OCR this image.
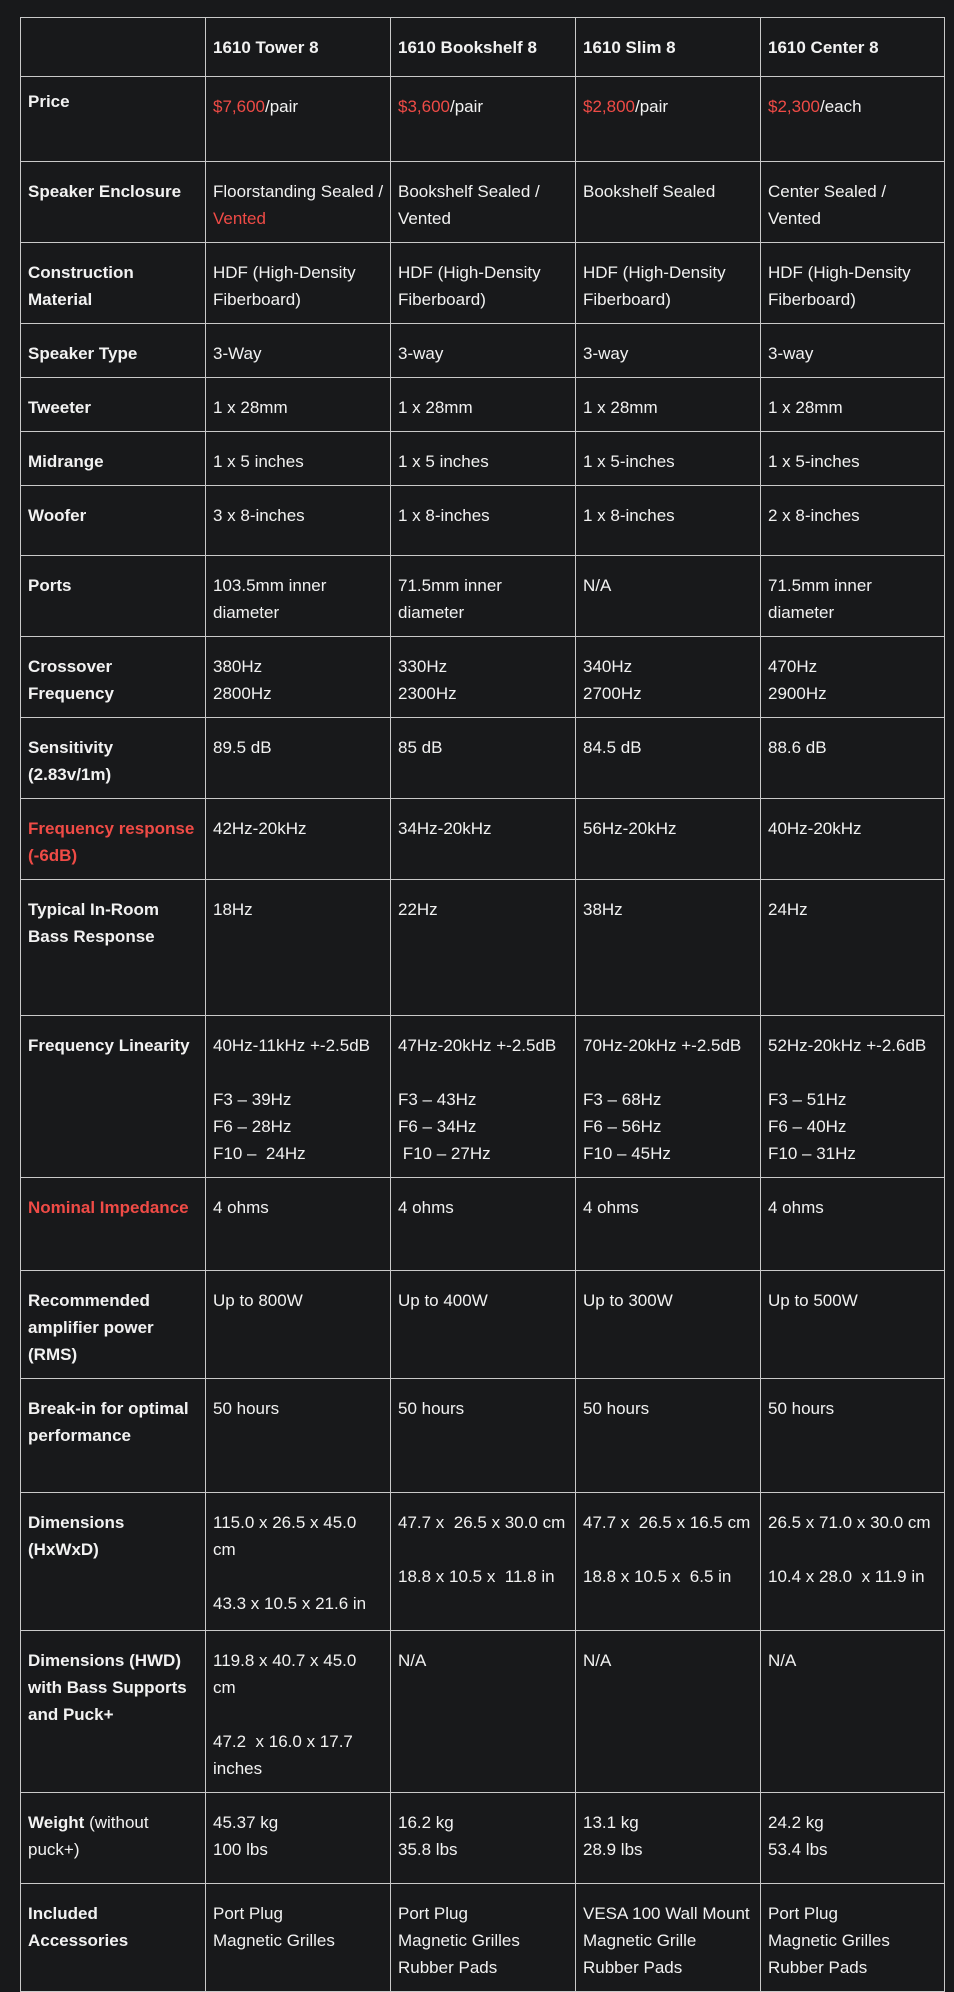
	1610 Tower 8	1610 Bookshelf 8	1610 Slim 8	1610 Center 8

Price	$7,600/pair	$3,600/pair	$2,800/pair	$2,300/each

Speaker Enclosure	Floorstanding Sealed / Vented	Bookshelf Sealed /
Vented	Bookshelf Sealed	Center Sealed /
Vented

Construction Material	HDF (High-Density
Fiberboard)	HDF (High-Density
Fiberboard)	HDF (High-Density
Fiberboard)	HDF (High-Density
Fiberboard)

Speaker Type	3-Way	3-way	3-way	3-way

Tweeter	1 x 28mm	1 x 28mm	1 x 28mm	1 x 28mm

Midrange	1 x 5 inches	1 x 5 inches	1 x 5-inches	1 x 5-inches

Woofer	3 x 8-inches	1 x 8-inches	1 x 8-inches	2 x 8-inches

Ports	103.5mm inner
diameter	71.5mm inner
diameter	N/A	71.5mm inner
diameter

Crossover Frequency	380Hz
2800Hz	330Hz
2300Hz	340Hz
2700Hz	470Hz
2900Hz

Sensitivity
(2.83v/1m)	89.5 dB	85 dB	84.5 dB	88.6 dB

Frequency response
(-6dB)	42Hz-20kHz	34Hz-20kHz	56Hz-20kHz	40Hz-20kHz

Typical In-Room
Bass Response	18Hz	22Hz	38Hz	24Hz

Frequency Linearity	40Hz-11kHz +-2.5dB
F3 – 39Hz
F6 – 28Hz
F10 –  24Hz	47Hz-20kHz +-2.5dB
F3 – 43Hz
F6 – 34Hz
F10 – 27Hz	70Hz-20kHz +-2.5dB
F3 – 68Hz
F6 – 56Hz
F10 – 45Hz	52Hz-20kHz +-2.6dB
F3 – 51Hz
F6 – 40Hz
F10 – 31Hz

Nominal Impedance	4 ohms	4 ohms	4 ohms	4 ohms

Recommended
amplifier power
(RMS)	Up to 800W	Up to 400W	Up to 300W	Up to 500W

Break-in for optimal
performance	50 hours	50 hours	50 hours	50 hours

Dimensions (HxWxD)	115.0 x 26.5 x 45.0
cm
43.3 x 10.5 x 21.6 in	47.7 x  26.5 x 30.0 cm
18.8 x 10.5 x  11.8 in	47.7 x  26.5 x 16.5 cm
18.8 x 10.5 x  6.5 in	26.5 x 71.0 x 30.0 cm
10.4 x 28.0  x 11.9 in

Dimensions (HWD)
with Bass Supports
and Puck+	119.8 x 40.7 x 45.0
cm
47.2  x 16.0 x 17.7
inches	N/A	N/A	N/A

Weight (without
puck+)	45.37 kg
100 lbs	16.2 kg
35.8 lbs	13.1 kg
28.9 lbs	24.2 kg
53.4 lbs

Included Accessories	Port Plug
Magnetic Grilles	Port Plug
Magnetic Grilles
Rubber Pads	VESA 100 Wall Mount
Magnetic Grille
Rubber Pads	Port Plug
Magnetic Grilles
Rubber Pads
